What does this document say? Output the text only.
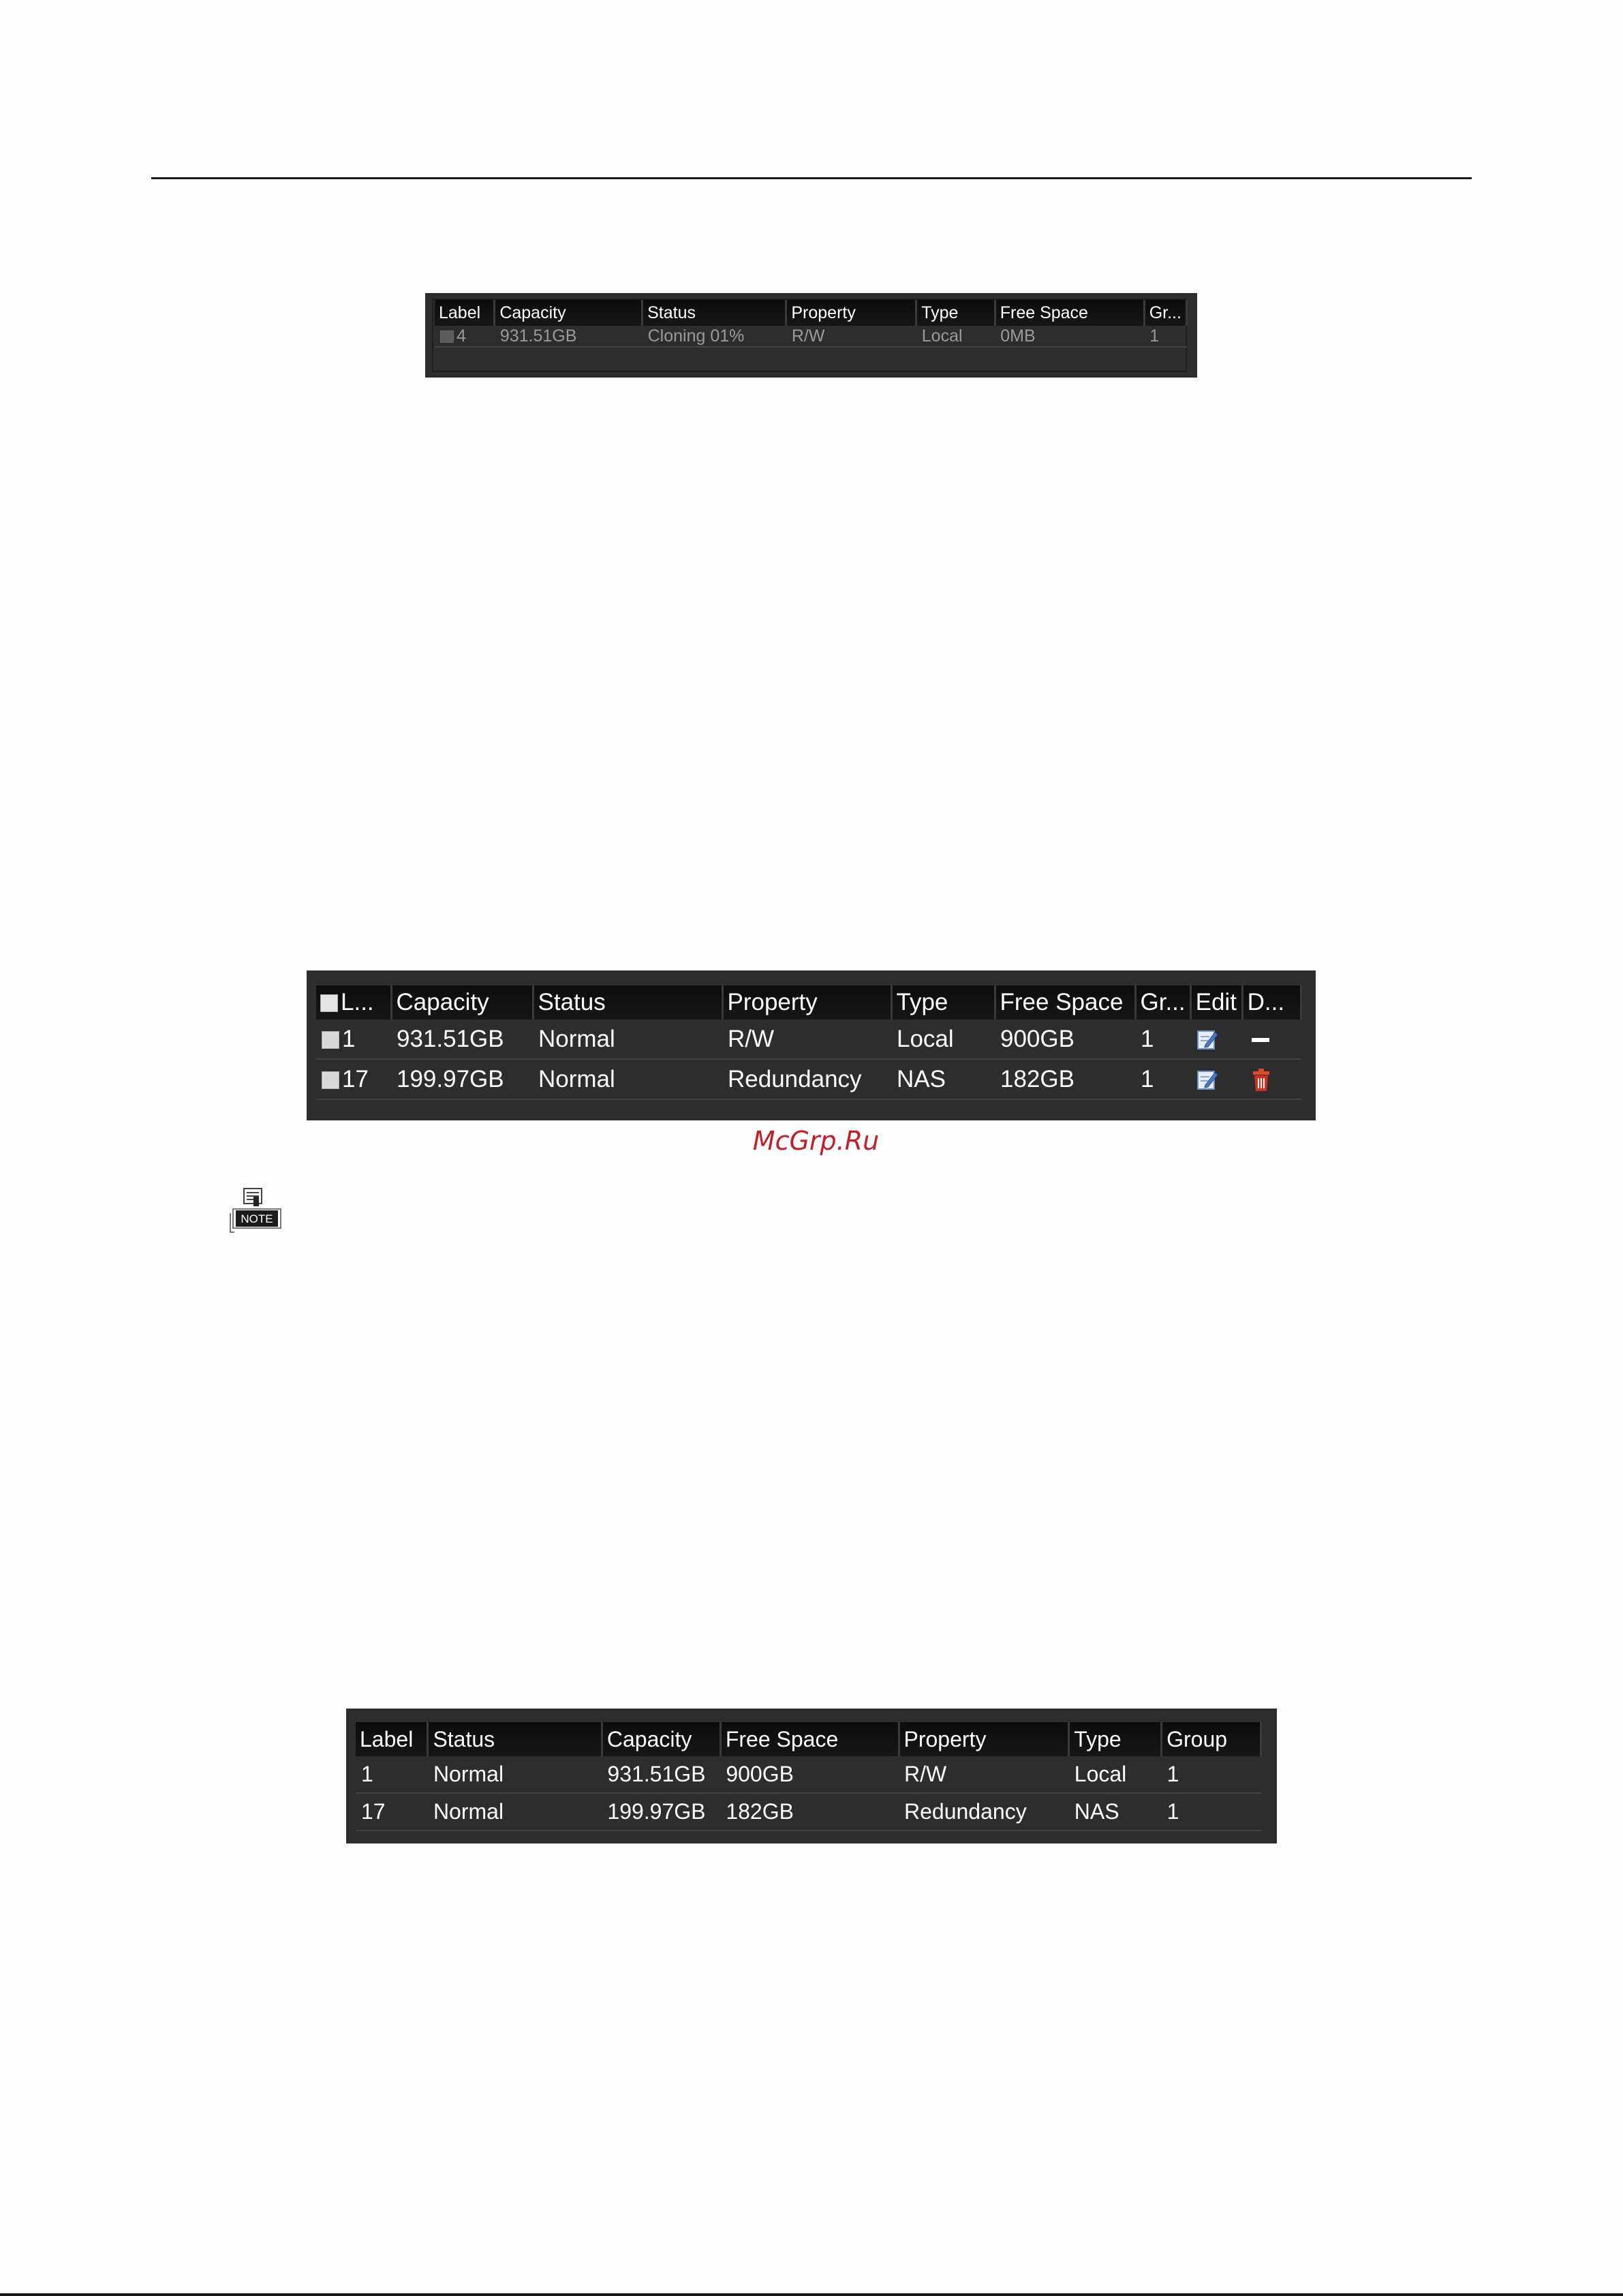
Label	Capacity	Status	Property	Type	Free Space	Gr...
4	931.51GB	Cloning 01%	R/W	Local	0MB	1
L...	Capacity	Status	Property	Type	Free Space	Gr...	Edit	D...
1	931.51GB	Normal	R/W	Local	900GB	1		
17	199.97GB	Normal	Redundancy	NAS	182GB	1		
McGrp.Ru
NOTE
Label	Status	Capacity	Free Space	Property	Type	Group
1	Normal	931.51GB	900GB	R/W	Local	1
17	Normal	199.97GB	182GB	Redundancy	NAS	1
